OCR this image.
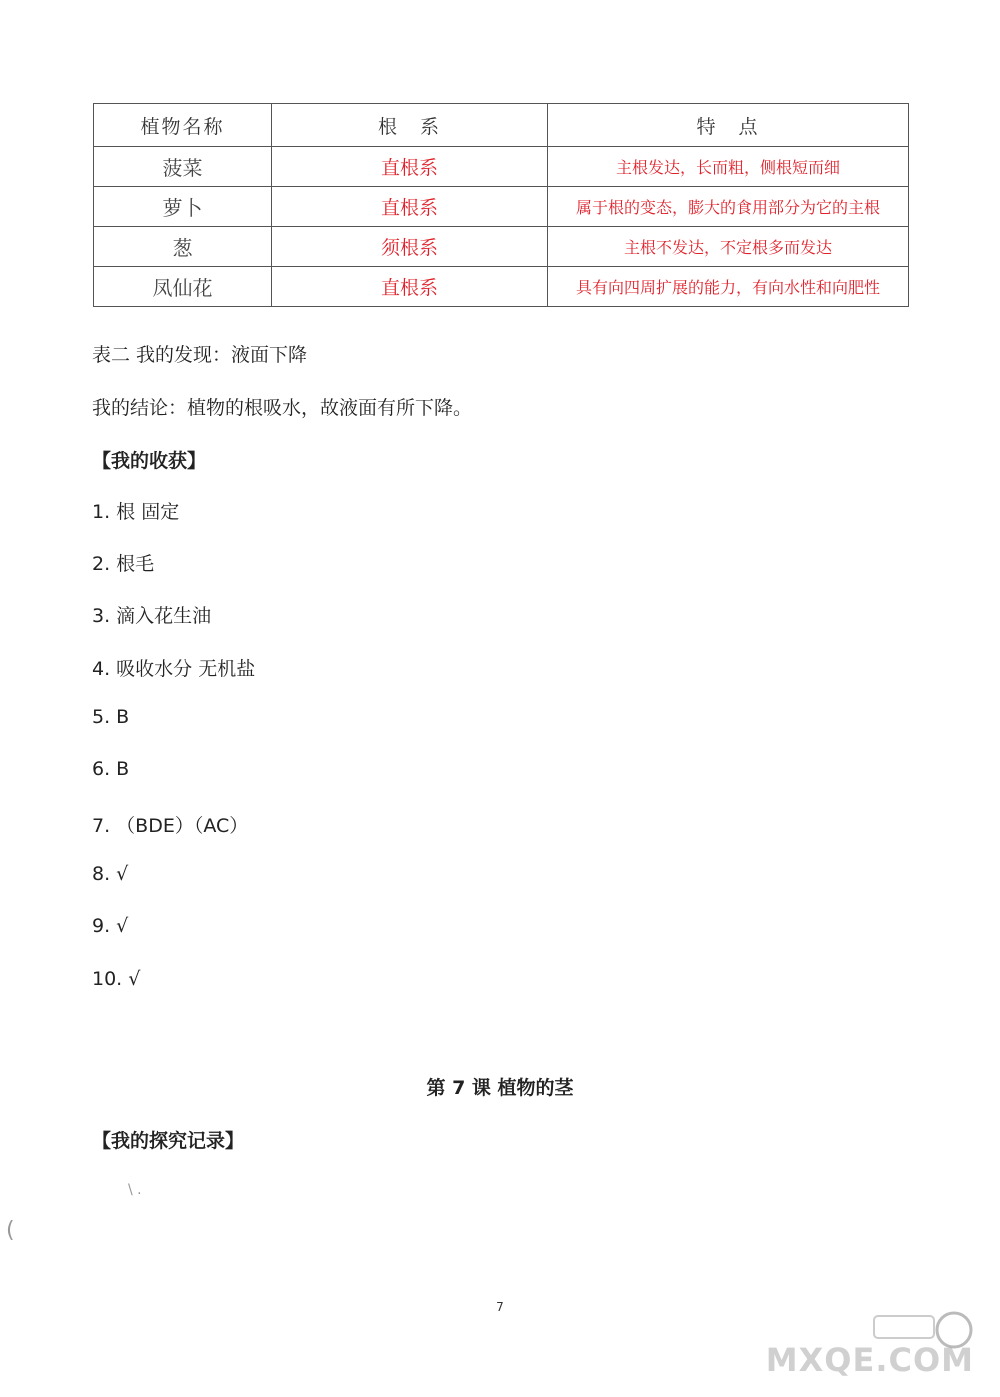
植物名称	根　系	特　点
菠菜	直根系	主根发达，长而粗，侧根短而细
萝卜	直根系	属于根的变态，膨大的食用部分为它的主根
葱	须根系	主根不发达，不定根多而发达
凤仙花	直根系	具有向四周扩展的能力，有向水性和向肥性
表二 我的发现：液面下降
我的结论：植物的根吸水，故液面有所下降。
【我的收获】
1. 根 固定
2. 根毛
3. 滴入花生油
4. 吸收水分 无机盐
5. B
6. B
7. （BDE）（AC）
8. √
9. √
10. √
第 7 课 植物的茎
【我的探究记录】
\ .
(
7
MXQE.COM
